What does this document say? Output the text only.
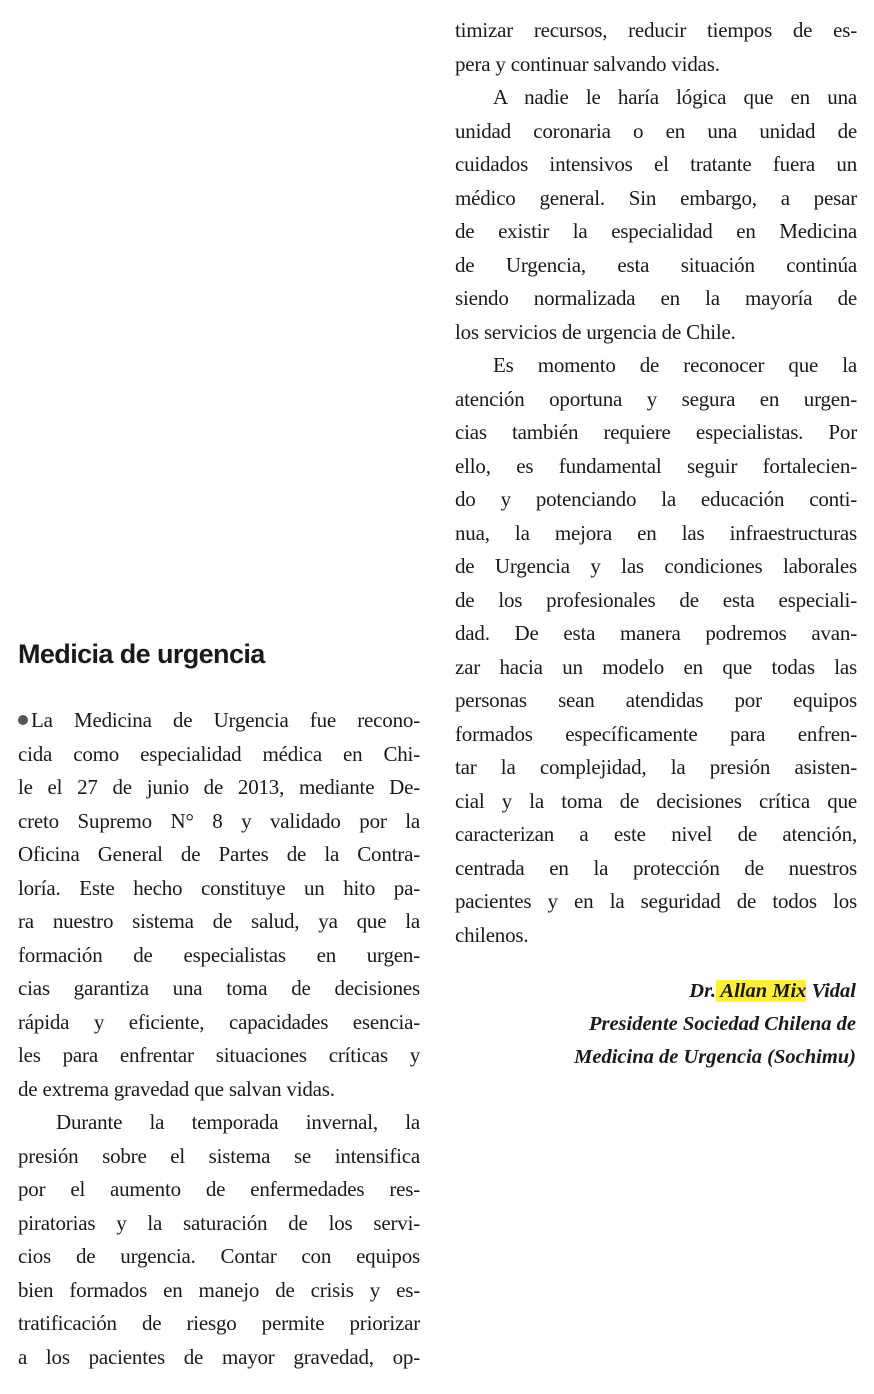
Medicia de urgencia
La Medicina de Urgencia fue recono-
cida como especialidad médica en Chi-
le el 27 de junio de 2013, mediante De-
creto Supremo N° 8 y validado por la
Oficina General de Partes de la Contra-
loría. Este hecho constituye un hito pa-
ra nuestro sistema de salud, ya que la
formación de especialistas en urgen-
cias garantiza una toma de decisiones
rápida y eficiente, capacidades esencia-
les para enfrentar situaciones críticas y
de extrema gravedad que salvan vidas.
Durante la temporada invernal, la
presión sobre el sistema se intensifica
por el aumento de enfermedades res-
piratorias y la saturación de los servi-
cios de urgencia. Contar con equipos
bien formados en manejo de crisis y es-
tratificación de riesgo permite priorizar
a los pacientes de mayor gravedad, op-
timizar recursos, reducir tiempos de es-
pera y continuar salvando vidas.
A nadie le haría lógica que en una
unidad coronaria o en una unidad de
cuidados intensivos el tratante fuera un
médico general. Sin embargo, a pesar
de existir la especialidad en Medicina
de Urgencia, esta situación continúa
siendo normalizada en la mayoría de
los servicios de urgencia de Chile.
Es momento de reconocer que la
atención oportuna y segura en urgen-
cias también requiere especialistas. Por
ello, es fundamental seguir fortalecien-
do y potenciando la educación conti-
nua, la mejora en las infraestructuras
de Urgencia y las condiciones laborales
de los profesionales de esta especiali-
dad. De esta manera podremos avan-
zar hacia un modelo en que todas las
personas sean atendidas por equipos
formados específicamente para enfren-
tar la complejidad, la presión asisten-
cial y la toma de decisiones crítica que
caracterizan a este nivel de atención,
centrada en la protección de nuestros
pacientes y en la seguridad de todos los
chilenos.
Dr. Allan Mix Vidal
Presidente Sociedad Chilena de
Medicina de Urgencia (Sochimu)
